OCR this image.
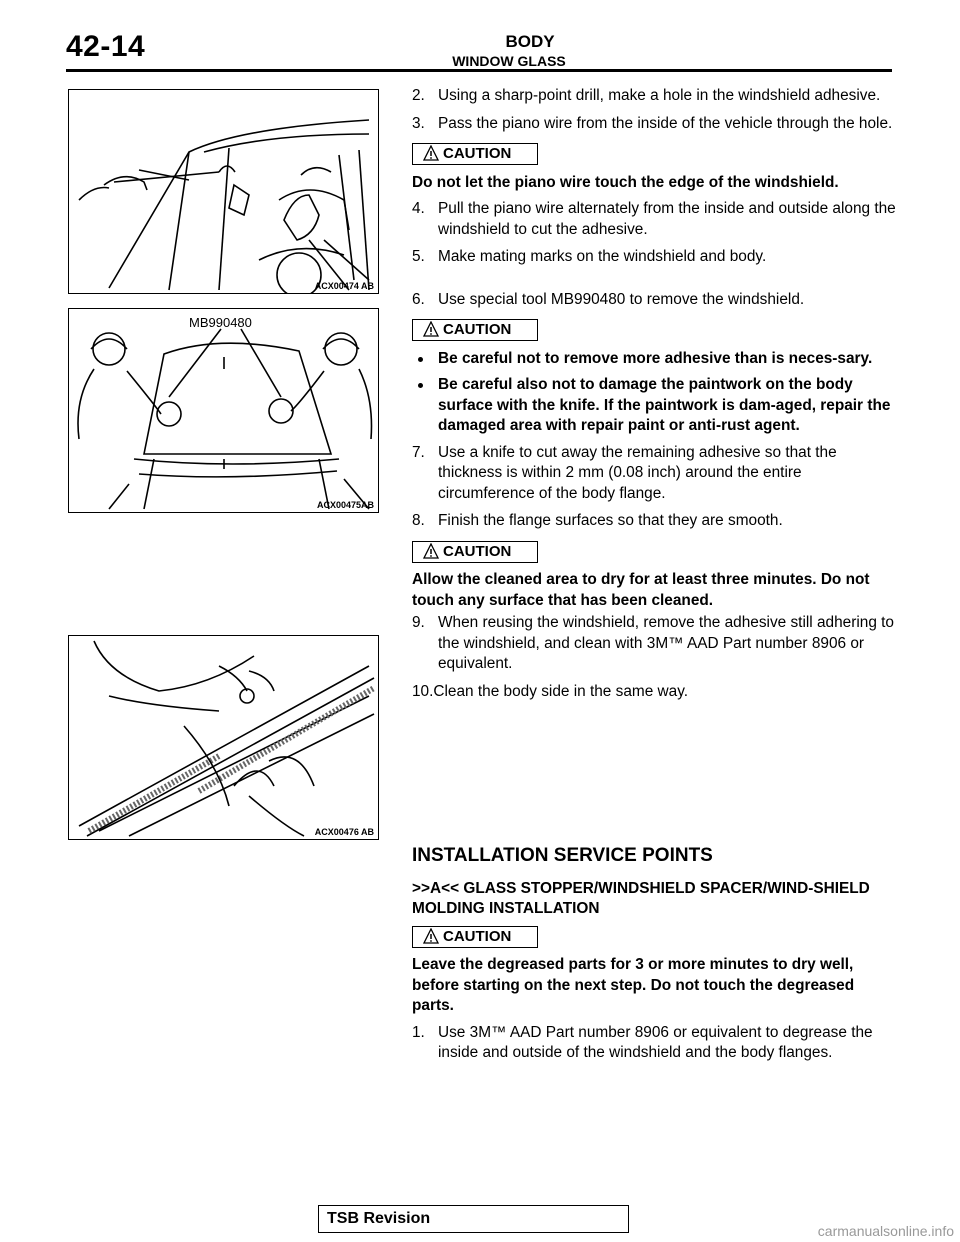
42-14	BODY
WINDOW GLASS
ACX00474 AB
MB990480
ACX00475AB
ACX00476 AB
2. Using a sharp-point drill, make a hole in the windshield adhesive.
3. Pass the piano wire from the inside of the vehicle through the hole.
CAUTION
Do not let the piano wire touch the edge of the windshield.
4. Pull the piano wire alternately from the inside and outside along the windshield to cut the adhesive.
5. Make mating marks on the windshield and body.
6. Use special tool MB990480 to remove the windshield.
CAUTION
Be careful not to remove more adhesive than is neces-sary.
Be careful also not to damage the paintwork on the body surface with the knife. If the paintwork is dam-aged, repair the damaged area with repair paint or anti-rust agent.
7. Use a knife to cut away the remaining adhesive so that the thickness is within 2 mm (0.08 inch) around the entire circumference of the body flange.
8. Finish the flange surfaces so that they are smooth.
CAUTION
Allow the cleaned area to dry for at least three minutes. Do not touch any surface that has been cleaned.
9. When reusing the windshield, remove the adhesive still adhering to the windshield, and clean with 3M™ AAD Part number 8906 or equivalent.
10.Clean the body side in the same way.
INSTALLATION SERVICE POINTS
>>A<< GLASS STOPPER/WINDSHIELD SPACER/WIND-SHIELD MOLDING INSTALLATION
CAUTION
Leave the degreased parts for 3 or more minutes to dry well, before starting on the next step. Do not touch the degreased parts.
1. Use 3M™ AAD Part number 8906 or equivalent to degrease the inside and outside of the windshield and the body flanges.
TSB Revision
carmanualsonline.info
